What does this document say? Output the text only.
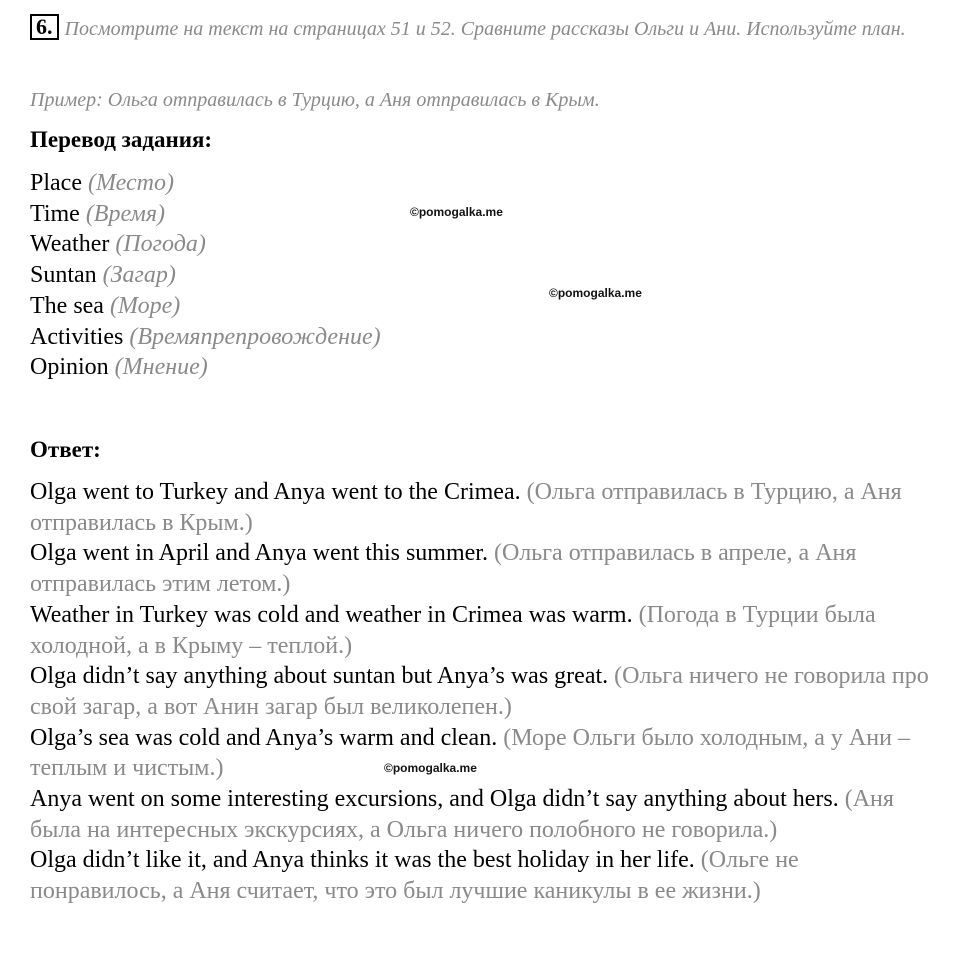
6. Посмотрите на текст на страницах 51 и 52. Сравните рассказы Ольги и Ани. Используйте план.
Пример: Ольга отправилась в Турцию, а Аня отправилась в Крым.
Перевод задания:
Place (Место)
Time (Время)
Weather (Погода)
Suntan (Загар)
The sea (Море)
Activities (Времяпрепровождение)
Opinion (Мнение)
Ответ:

Olga went to Turkey and Anya went to the Crimea. (Ольга отправилась в Турцию, а Аня отправилась в Крым.)

Olga went in April and Anya went this summer. (Ольга отправилась в апреле, а Аня отправилась этим летом.)

Weather in Turkey was cold and weather in Crimea was warm. (Погода в Турции была холодной, а в Крыму – теплой.)

Olga didn’t say anything about suntan but Anya’s was great. (Ольга ничего не говорила про свой загар, а вот Анин загар был великолепен.)

Olga’s sea was cold and Anya’s warm and clean. (Море Ольги было холодным, а у Ани – теплым и чистым.)

Anya went on some interesting excursions, and Olga didn’t say anything about hers. (Аня была на интересных экскурсиях, а Ольга ничего полобного не говорила.)

Olga didn’t like it, and Anya thinks it was the best holiday in her life. (Ольге не понравилось, а Аня считает, что это был лучшие каникулы в ее жизни.)

©pomogalka.me
©pomogalka.me
©pomogalka.me
